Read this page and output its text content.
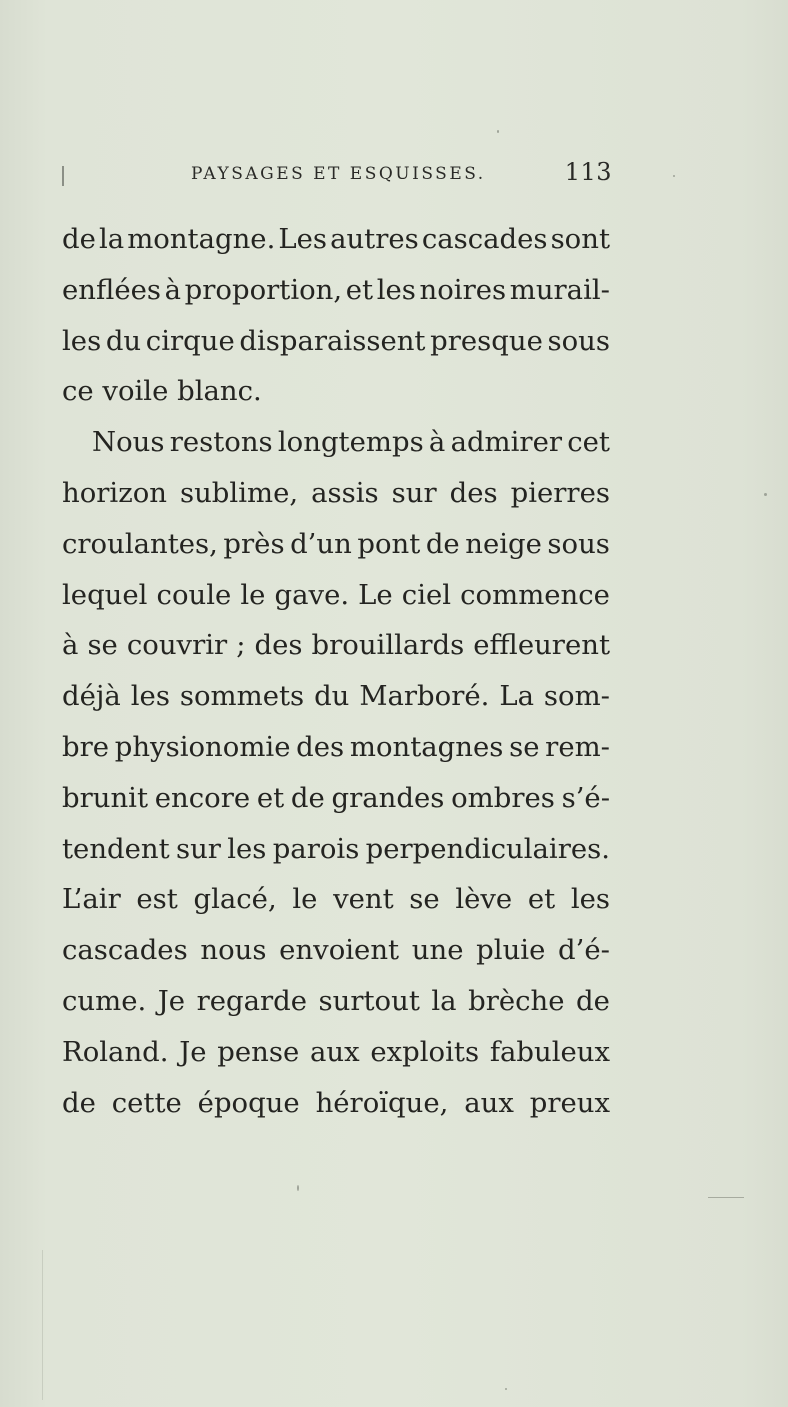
PAYSAGES ET ESQUISSES.	113
de la montagne. Les autres cascades sont
enflées à proportion, et les noires murail-
les du cirque disparaissent presque sous
ce voile blanc.
Nous restons longtemps à admirer cet
horizon sublime, assis sur des pierres
croulantes, près d’un pont de neige sous
lequel coule le gave. Le ciel commence
à se couvrir ; des brouillards effleurent
déjà les sommets du Marboré. La som-
bre physionomie des montagnes se rem-
brunit encore et de grandes ombres s’é-
tendent sur les parois perpendiculaires.
L’air est glacé, le vent se lève et les
cascades nous envoient une pluie d’é-
cume. Je regarde surtout la brèche de
Roland. Je pense aux exploits fabuleux
de cette époque héroïque, aux preux
